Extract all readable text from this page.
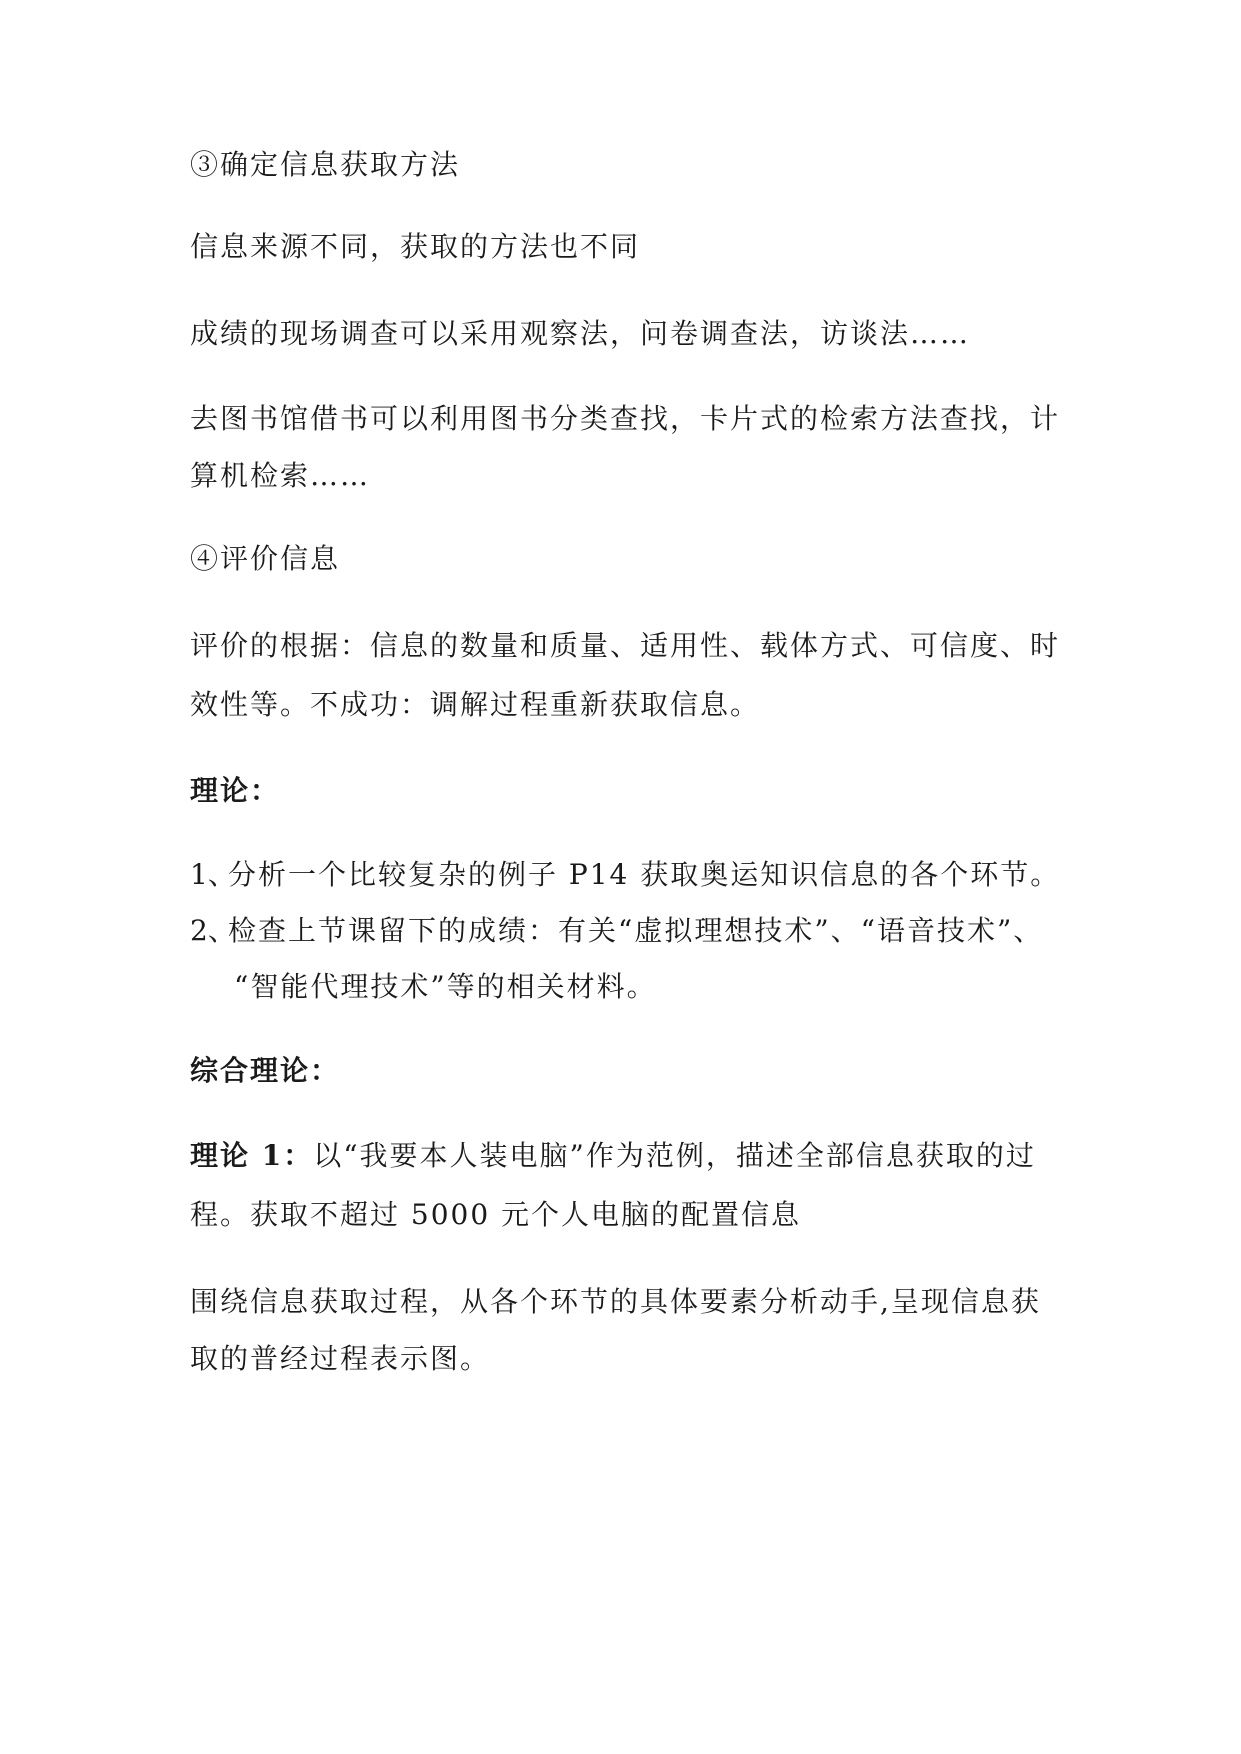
③确定信息获取方法
信息来源不同，获取的方法也不同
成绩的现场调查可以采用观察法，问卷调查法，访谈法……
去图书馆借书可以利用图书分类查找，卡片式的检索方法查找，计
算机检索……
④评价信息
评价的根据：信息的数量和质量、适用性、载体方式、可信度、时
效性等。不成功：调解过程重新获取信息。
理论：
1、分析一个比较复杂的例子 P14 获取奥运知识信息的各个环节。
2、检查上节课留下的成绩：有关“虚拟理想技术”、“语音技术”、
“智能代理技术”等的相关材料。
综合理论：
理论 1：以“我要本人装电脑”作为范例，描述全部信息获取的过
程。获取不超过 5000 元个人电脑的配置信息
围绕信息获取过程，从各个环节的具体要素分析动手,呈现信息获
取的普经过程表示图。
